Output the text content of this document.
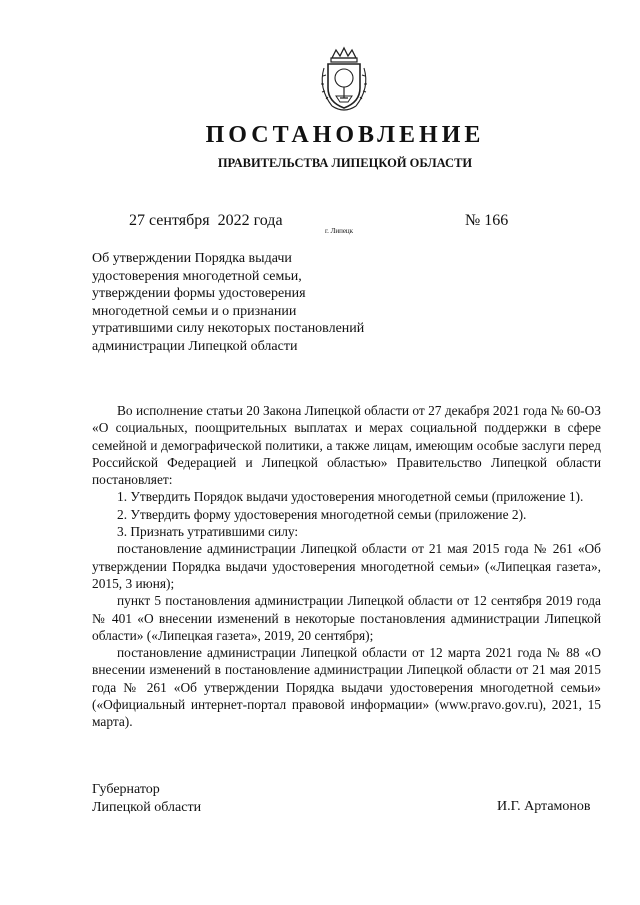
ПОСТАНОВЛЕНИЕ
ПРАВИТЕЛЬСТВА ЛИПЕЦКОЙ ОБЛАСТИ
27 сентября  2022 года
г. Липецк
№ 166
Об утверждении Порядка выдачи
удостоверения многодетной семьи,
утверждении формы удостоверения
многодетной семьи и о признании
утратившими силу некоторых постановлений
администрации Липецкой области

Во исполнение статьи 20 Закона Липецкой области от 27 декабря 2021 года № 60-ОЗ «О социальных, поощрительных выплатах и мерах социальной поддержки в сфере семейной и демографической политики, а также лицам, имеющим особые заслуги перед Российской Федерацией и Липецкой областью» Правительство Липецкой области постановляет:

1. Утвердить Порядок выдачи удостоверения многодетной семьи (приложение 1).

2. Утвердить форму удостоверения многодетной семьи (приложение 2).

3. Признать утратившими силу:

постановление администрации Липецкой области от 21 мая 2015 года № 261 «Об утверждении Порядка выдачи удостоверения многодетной семьи» («Липецкая газета», 2015, 3 июня);

пункт 5 постановления администрации Липецкой области от 12 сентября 2019 года № 401 «О внесении изменений в некоторые постановления администрации Липецкой области» («Липецкая газета», 2019, 20 сентября);

постановление администрации Липецкой области от 12 марта 2021 года № 88 «О внесении изменений в постановление администрации Липецкой области от 21 мая 2015 года № 261 «Об утверждении Порядка выдачи удостоверения многодетной семьи» («Официальный интернет-портал правовой информации» (www.pravo.gov.ru), 2021, 15 марта).

Губернатор
Липецкой области	И.Г. Артамонов
